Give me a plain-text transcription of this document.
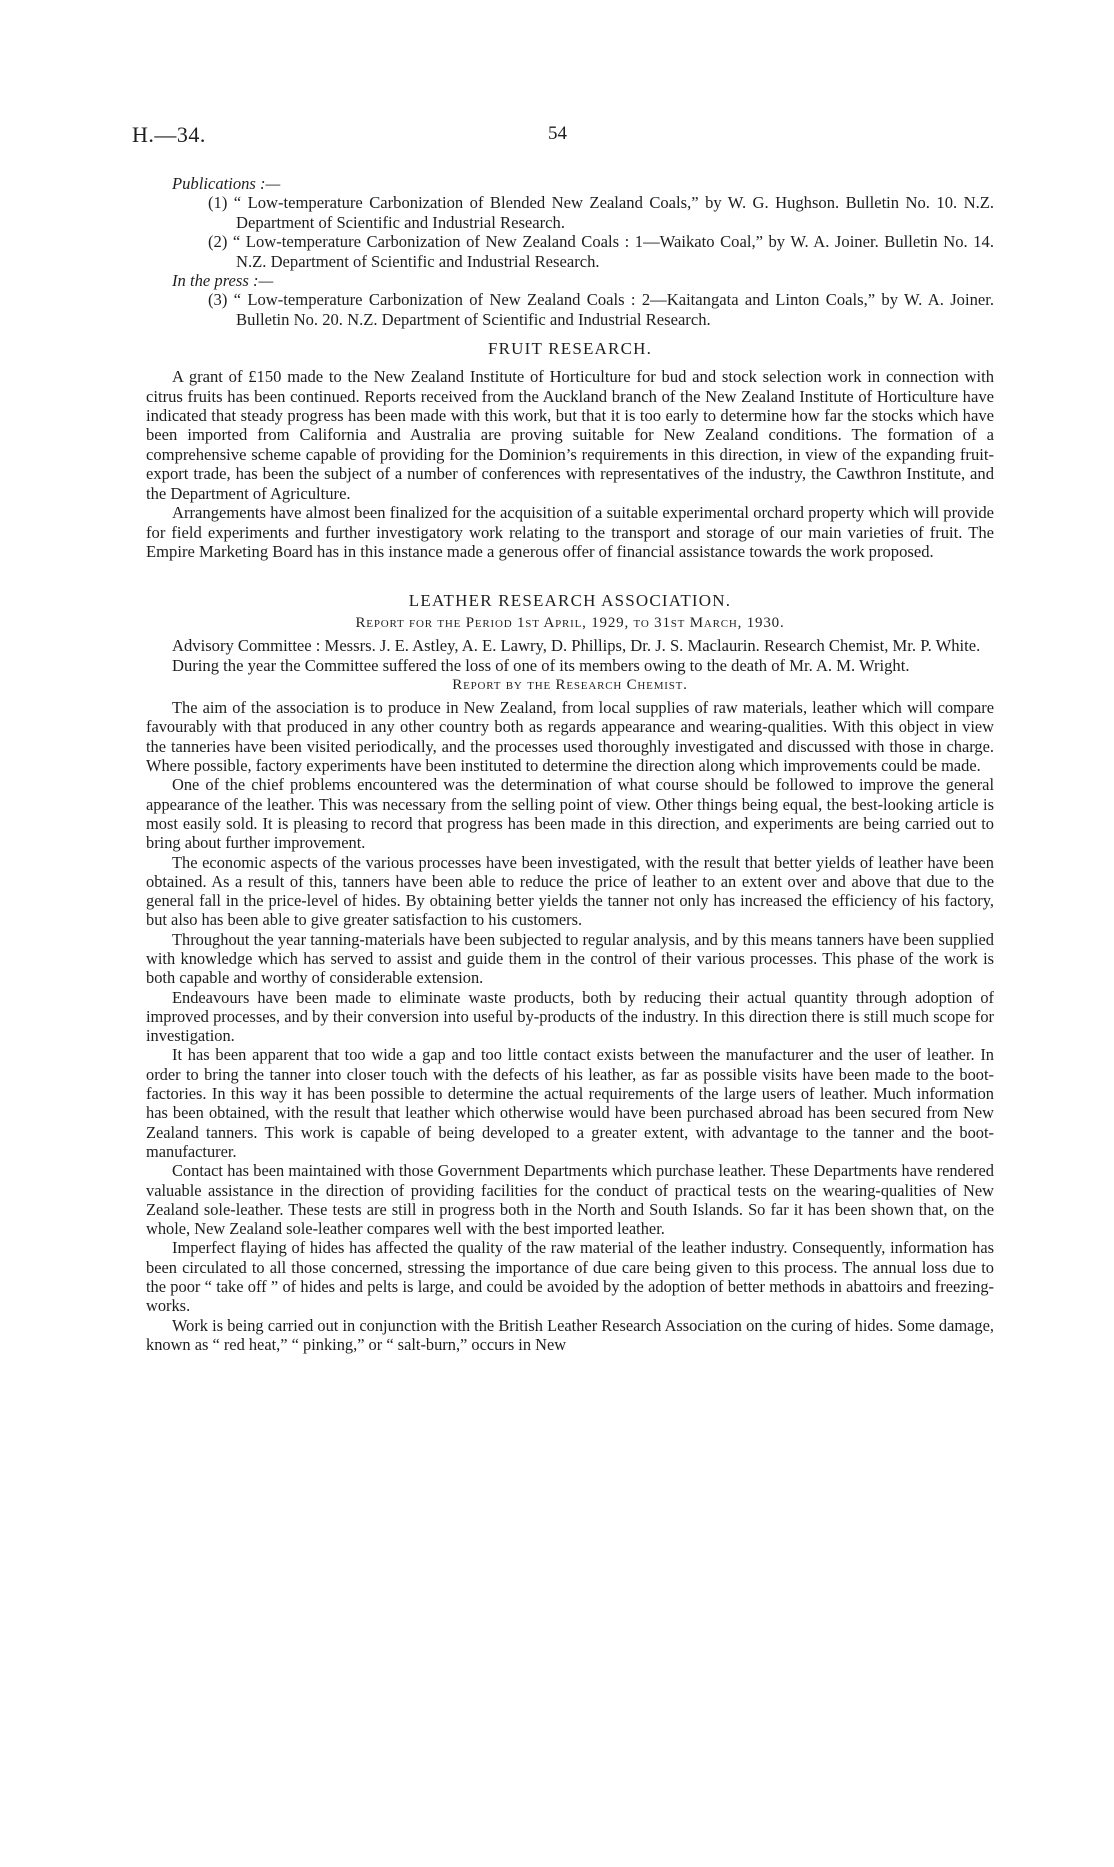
H.—34.	54
Publications :—
(1) “ Low-temperature Carbonization of Blended New Zealand Coals,” by W. G. Hughson. Bulletin No. 10. N.Z. Department of Scientific and Industrial Research.
(2) “ Low-temperature Carbonization of New Zealand Coals : 1—Waikato Coal,” by W. A. Joiner. Bulletin No. 14. N.Z. Department of Scientific and Industrial Research.
In the press :—
(3) “ Low-temperature Carbonization of New Zealand Coals : 2—Kaitangata and Linton Coals,” by W. A. Joiner. Bulletin No. 20. N.Z. Department of Scientific and Industrial Research.
FRUIT RESEARCH.

A grant of £150 made to the New Zealand Institute of Horticulture for bud and stock selection work in connection with citrus fruits has been continued. Reports received from the Auckland branch of the New Zealand Institute of Horticulture have indicated that steady progress has been made with this work, but that it is too early to determine how far the stocks which have been imported from California and Australia are proving suitable for New Zealand conditions. The formation of a comprehensive scheme capable of providing for the Dominion’s requirements in this direction, in view of the expanding fruit-export trade, has been the subject of a number of conferences with representatives of the industry, the Cawthron Institute, and the Department of Agriculture.

Arrangements have almost been finalized for the acquisition of a suitable experimental orchard property which will provide for field experiments and further investigatory work relating to the transport and storage of our main varieties of fruit. The Empire Marketing Board has in this instance made a generous offer of financial assistance towards the work proposed.

LEATHER RESEARCH ASSOCIATION.
Report for the Period 1st April, 1929, to 31st March, 1930.

Advisory Committee : Messrs. J. E. Astley, A. E. Lawry, D. Phillips, Dr. J. S. Maclaurin. Research Chemist, Mr. P. White.

During the year the Committee suffered the loss of one of its members owing to the death of Mr. A. M. Wright.

Report by the Research Chemist.

The aim of the association is to produce in New Zealand, from local supplies of raw materials, leather which will compare favourably with that produced in any other country both as regards appearance and wearing-qualities. With this object in view the tanneries have been visited periodically, and the processes used thoroughly investigated and discussed with those in charge. Where possible, factory experiments have been instituted to determine the direction along which improvements could be made.

One of the chief problems encountered was the determination of what course should be followed to improve the general appearance of the leather. This was necessary from the selling point of view. Other things being equal, the best-looking article is most easily sold. It is pleasing to record that progress has been made in this direction, and experiments are being carried out to bring about further improvement.

The economic aspects of the various processes have been investigated, with the result that better yields of leather have been obtained. As a result of this, tanners have been able to reduce the price of leather to an extent over and above that due to the general fall in the price-level of hides. By obtaining better yields the tanner not only has increased the efficiency of his factory, but also has been able to give greater satisfaction to his customers.

Throughout the year tanning-materials have been subjected to regular analysis, and by this means tanners have been supplied with knowledge which has served to assist and guide them in the control of their various processes. This phase of the work is both capable and worthy of considerable extension.

Endeavours have been made to eliminate waste products, both by reducing their actual quantity through adoption of improved processes, and by their conversion into useful by-products of the industry. In this direction there is still much scope for investigation.

It has been apparent that too wide a gap and too little contact exists between the manufacturer and the user of leather. In order to bring the tanner into closer touch with the defects of his leather, as far as possible visits have been made to the boot-factories. In this way it has been possible to determine the actual requirements of the large users of leather. Much information has been obtained, with the result that leather which otherwise would have been purchased abroad has been secured from New Zealand tanners. This work is capable of being developed to a greater extent, with advantage to the tanner and the boot-manufacturer.

Contact has been maintained with those Government Departments which purchase leather. These Departments have rendered valuable assistance in the direction of providing facilities for the conduct of practical tests on the wearing-qualities of New Zealand sole-leather. These tests are still in progress both in the North and South Islands. So far it has been shown that, on the whole, New Zealand sole-leather compares well with the best imported leather.

Imperfect flaying of hides has affected the quality of the raw material of the leather industry. Consequently, information has been circulated to all those concerned, stressing the importance of due care being given to this process. The annual loss due to the poor “ take off ” of hides and pelts is large, and could be avoided by the adoption of better methods in abattoirs and freezing-works.

Work is being carried out in conjunction with the British Leather Research Association on the curing of hides. Some damage, known as “ red heat,” “ pinking,” or “ salt-burn,” occurs in New
